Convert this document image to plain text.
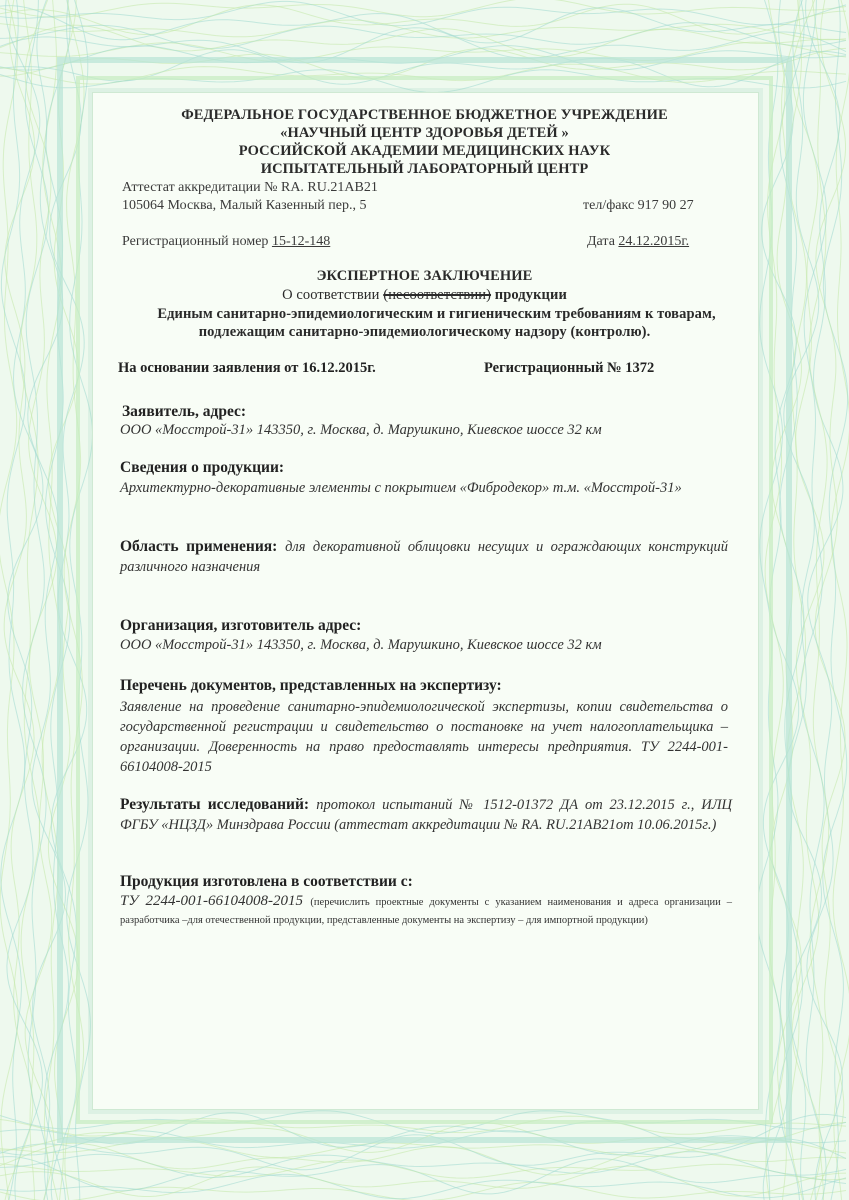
ФЕДЕРАЛЬНОЕ ГОСУДАРСТВЕННОЕ БЮДЖЕТНОЕ УЧРЕЖДЕНИЕ
«НАУЧНЫЙ ЦЕНТР ЗДОРОВЬЯ ДЕТЕЙ »
РОССИЙСКОЙ АКАДЕМИИ МЕДИЦИНСКИХ НАУК
ИСПЫТАТЕЛЬНЫЙ ЛАБОРАТОРНЫЙ ЦЕНТР
Аттестат аккредитации № RA. RU.21AB21
105064 Москва, Малый Казенный пер., 5	тел/факс 917 90 27
Регистрационный номер 15-12-148	Дата 24.12.2015г.
ЭКСПЕРТНОЕ ЗАКЛЮЧЕНИЕ
О соответствии (несоответствии) продукции
Единым санитарно-эпидемиологическим и гигиеническим требованиям к товарам,
подлежащим санитарно-эпидемиологическому надзору (контролю).
На основании заявления от 16.12.2015г.	Регистрационный № 1372
Заявитель, адрес:
ООО «Мосстрой-31» 143350, г. Москва, д. Марушкино, Киевское шоссе 32 км
Сведения о продукции:
Архитектурно-декоративные элементы с покрытием «Фибродекор» т.м. «Мосстрой-31»
Область применения: для декоративной облицовки несущих и ограждающих конструкций различного назначения
Организация, изготовитель адрес:
ООО «Мосстрой-31» 143350, г. Москва, д. Марушкино, Киевское шоссе 32 км
Перечень документов, представленных на экспертизу:
Заявление на проведение санитарно-эпидемиологической экспертизы, копии свидетельства о государственной регистрации и свидетельство о постановке на учет налогоплательщика – организации. Доверенность на право предоставлять интересы предприятия. ТУ 2244-001-66104008-2015
Результаты исследований: протокол испытаний № 1512-01372 ДА от 23.12.2015 г., ИЛЦ ФГБУ «НЦЗД» Минздрава России (аттестат аккредитации № RA. RU.21AB21от 10.06.2015г.)
Продукция изготовлена в соответствии с:
ТУ 2244-001-66104008-2015 (перечислить проектные документы с указанием наименования и адреса организации –разработчика –для отечественной продукции, представленные документы на экспертизу – для импортной продукции)
